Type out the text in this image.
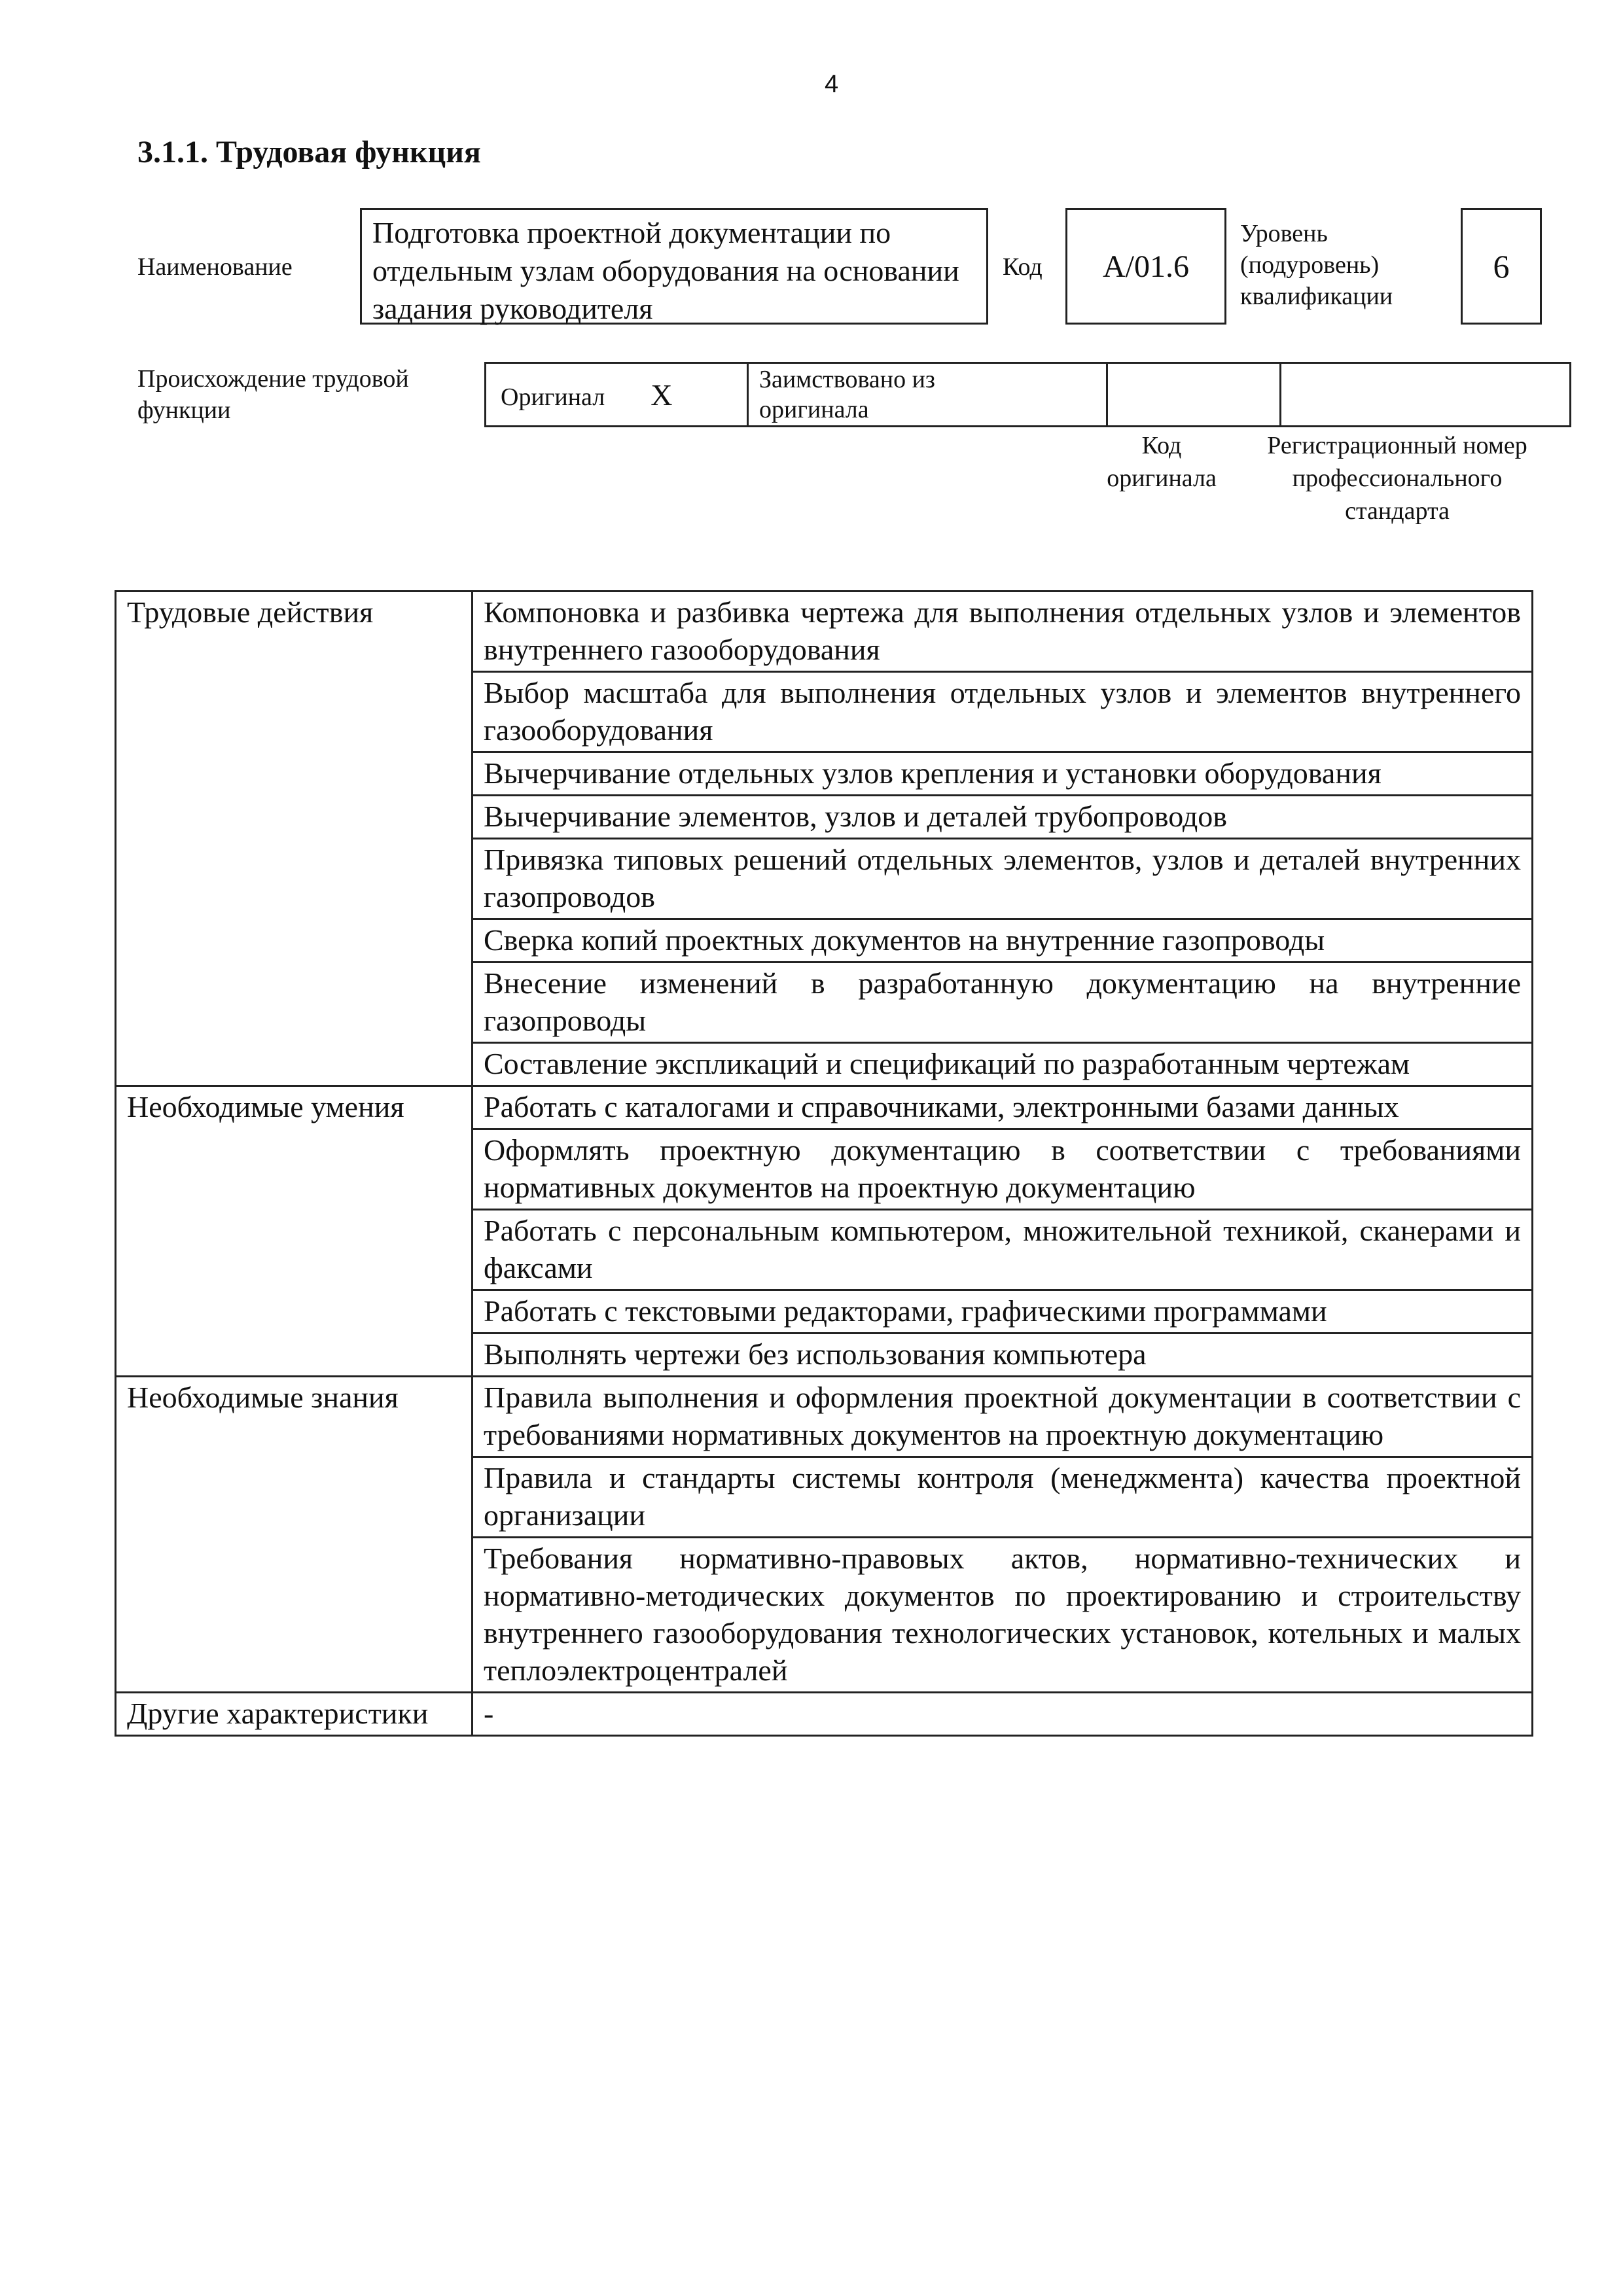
4
3.1.1. Трудовая функция
Наименование
Подготовка проектной документации по отдельным узлам оборудования на основании задания руководителя
Код	А/01.6
Уровень (подуровень) квалификации
6
Происхождение трудовой функции	Оригинал X	Заимствовано из оригинала

Код оригинала
Регистрационный номер профессионального стандарта
Трудовые действия	Компоновка и разбивка чертежа для выполнения отдельных узлов и элементов внутреннего газооборудования
	Выбор масштаба для выполнения отдельных узлов и элементов внутреннего газооборудования
	Вычерчивание отдельных узлов крепления и установки оборудования
	Вычерчивание элементов, узлов и деталей трубопроводов
	Привязка типовых решений отдельных элементов, узлов и деталей внутренних газопроводов
	Сверка копий проектных документов на внутренние газопроводы
	Внесение изменений в разработанную документацию на внутренние газопроводы
	Составление экспликаций и спецификаций по разработанным чертежам
Необходимые умения	Работать с каталогами и справочниками, электронными базами данных
	Оформлять проектную документацию в соответствии с требованиями нормативных документов на проектную документацию
	Работать с персональным компьютером, множительной техникой, сканерами и факсами
	Работать с текстовыми редакторами, графическими программами
	Выполнять чертежи без использования компьютера
Необходимые знания	Правила выполнения и оформления проектной документации в соответствии с требованиями нормативных документов на проектную документацию
	Правила и стандарты системы контроля (менеджмента) качества проектной организации
	Требования нормативно-правовых актов, нормативно-технических и нормативно-методических документов по проектированию и строительству внутреннего газооборудования технологических установок, котельных и малых теплоэлектроцентралей
Другие характеристики	-
